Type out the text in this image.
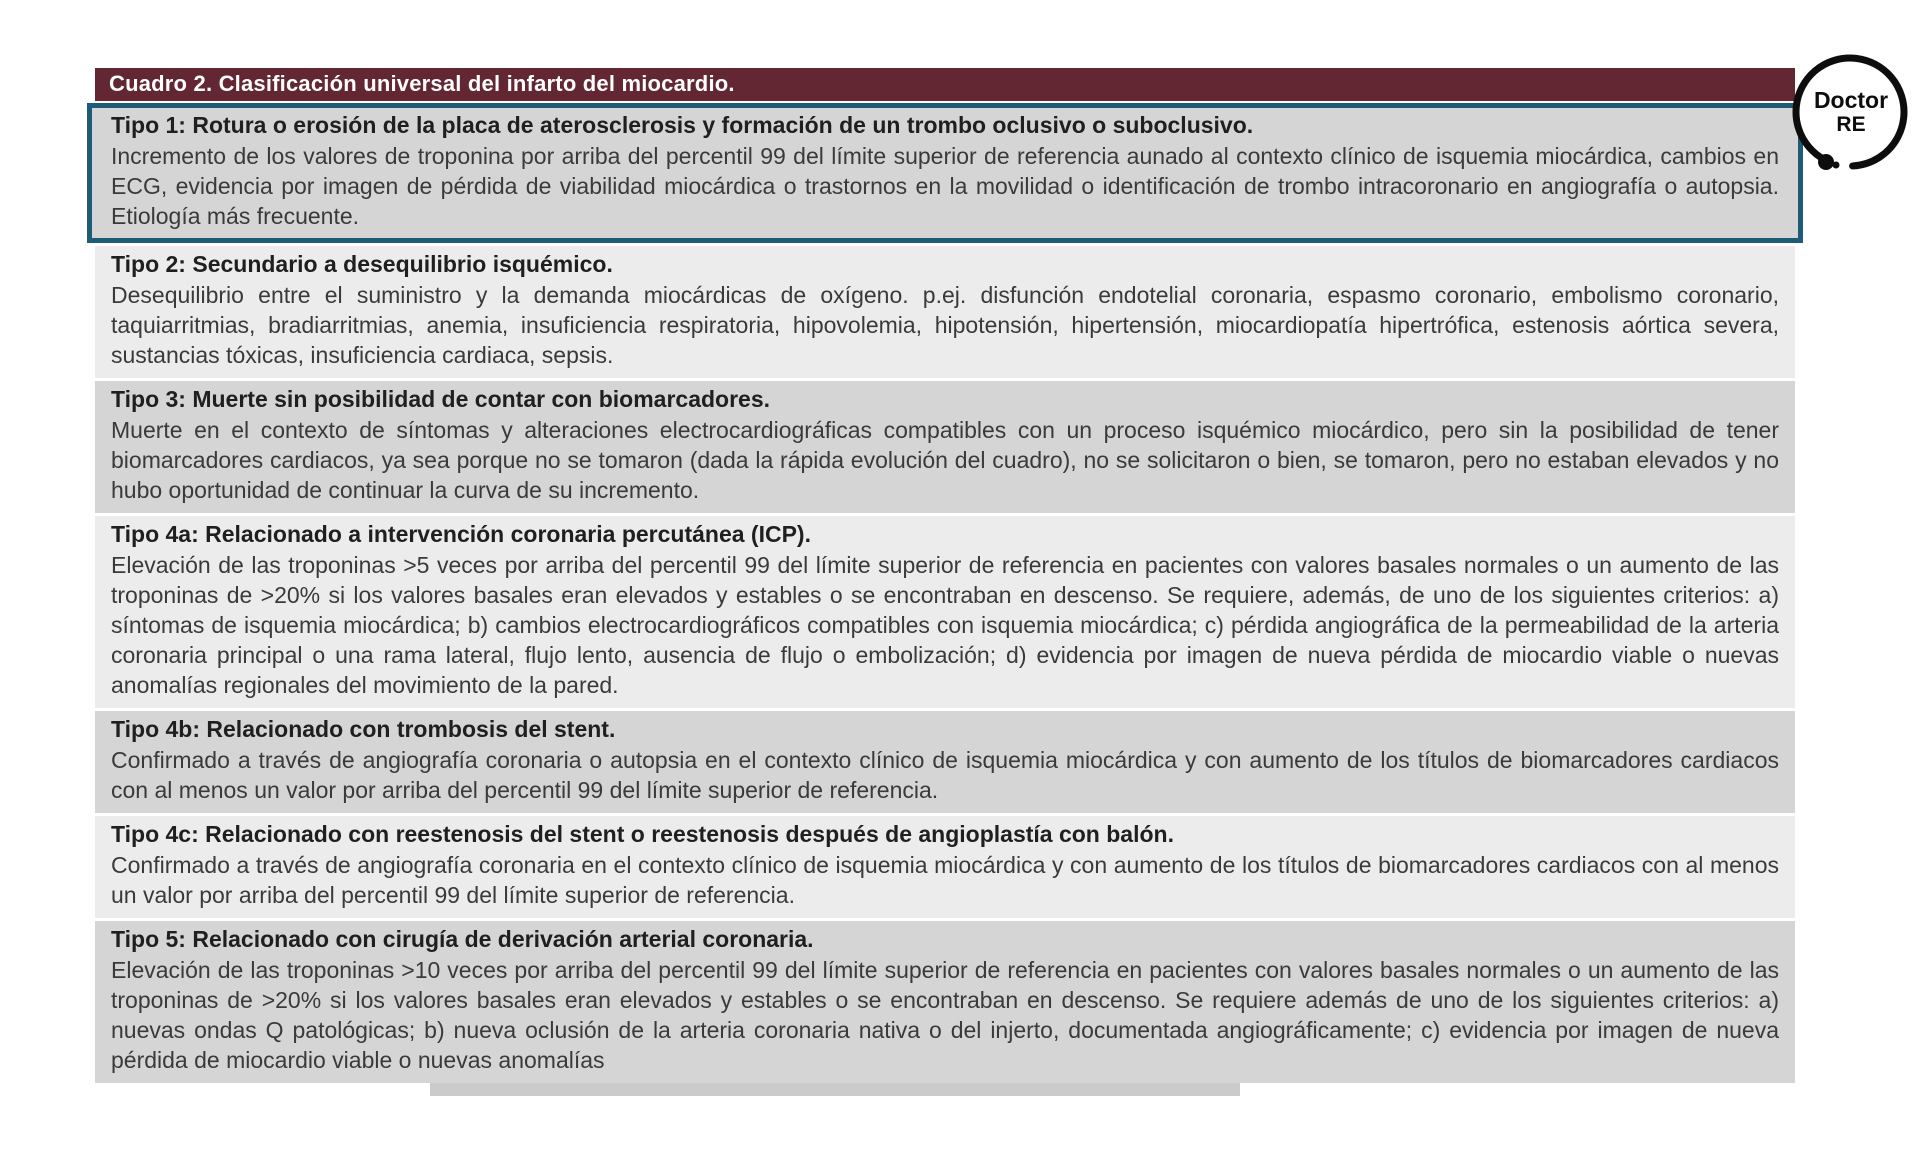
Cuadro 2. Clasificación universal del infarto del miocardio.

Tipo 1: Rotura o erosión de la placa de aterosclerosis y formación de un trombo oclusivo o suboclusivo.

Incremento de los valores de troponina por arriba del percentil 99 del límite superior de referencia aunado al contexto clínico de isquemia miocárdica, cambios en ECG, evidencia por imagen de pérdida de viabilidad miocárdica o trastornos en la movilidad o identificación de trombo intracoronario en angiografía o autopsia. Etiología más frecuente.

Tipo 2: Secundario a desequilibrio isquémico.

Desequilibrio entre el suministro y la demanda miocárdicas de oxígeno. p.ej. disfunción endotelial coronaria, espasmo coronario, embolismo coronario, taquiarritmias, bradiarritmias, anemia, insuficiencia respiratoria, hipovolemia, hipotensión, hipertensión, miocardiopatía hipertrófica, estenosis aórtica severa, sustancias tóxicas, insuficiencia cardiaca, sepsis.

Tipo 3: Muerte sin posibilidad de contar con biomarcadores.

Muerte en el contexto de síntomas y alteraciones electrocardiográficas compatibles con un proceso isquémico miocárdico, pero sin la posibilidad de tener biomarcadores cardiacos, ya sea porque no se tomaron (dada la rápida evolución del cuadro), no se solicitaron o bien, se tomaron, pero no estaban elevados y no hubo oportunidad de continuar la curva de su incremento.

Tipo 4a: Relacionado a intervención coronaria percutánea (ICP).

Elevación de las troponinas >5 veces por arriba del percentil 99 del límite superior de referencia en pacientes con valores basales normales o un aumento de las troponinas de >20% si los valores basales eran elevados y estables o se encontraban en descenso. Se requiere, además, de uno de los siguientes criterios: a) síntomas de isquemia miocárdica; b) cambios electrocardiográficos compatibles con isquemia miocárdica; c) pérdida angiográfica de la permeabilidad de la arteria coronaria principal o una rama lateral, flujo lento, ausencia de flujo o embolización; d) evidencia por imagen de nueva pérdida de miocardio viable o nuevas anomalías regionales del movimiento de la pared.

Tipo 4b: Relacionado con trombosis del stent.

Confirmado a través de angiografía coronaria o autopsia en el contexto clínico de isquemia miocárdica y con aumento de los títulos de biomarcadores cardiacos con al menos un valor por arriba del percentil 99 del límite superior de referencia.

Tipo 4c: Relacionado con reestenosis del stent o reestenosis después de angioplastía con balón.

Confirmado a través de angiografía coronaria en el contexto clínico de isquemia miocárdica y con aumento de los títulos de biomarcadores cardiacos con al menos un valor por arriba del percentil 99 del límite superior de referencia.

Tipo 5: Relacionado con cirugía de derivación arterial coronaria.

Elevación de las troponinas >10 veces por arriba del percentil 99 del límite superior de referencia en pacientes con valores basales normales o un aumento de las troponinas de >20% si los valores basales eran elevados y estables o se encontraban en descenso. Se requiere además de uno de los siguientes criterios: a) nuevas ondas Q patológicas; b) nueva oclusión de la arteria coronaria nativa o del injerto, documentada angiográficamente; c) evidencia por imagen de nueva pérdida de miocardio viable o nuevas anomalías

Doctor
RE
